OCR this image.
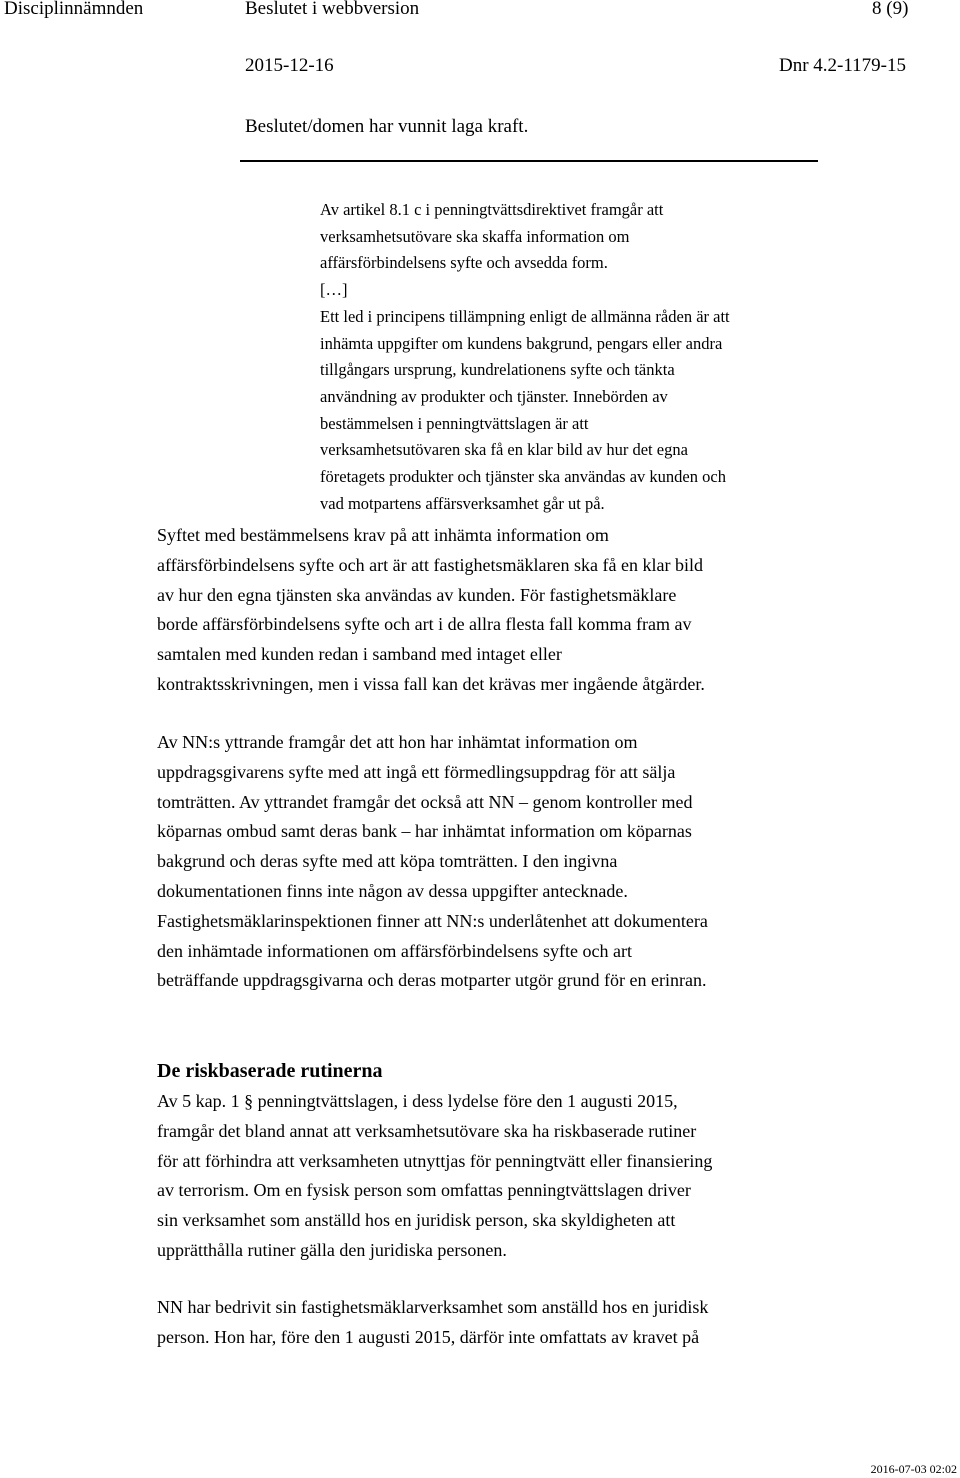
Disciplinnämnden	Beslutet i webbversion	8 (9)
2015-12-16	Dnr 4.2-1179-15
Beslutet/domen har vunnit laga kraft.

Av artikel 8.1 c i penningtvättsdirektivet framgår att

verksamhetsutövare ska skaffa information om

affärsförbindelsens syfte och avsedda form.

[…]

Ett led i principens tillämpning enligt de allmänna råden är att

inhämta uppgifter om kundens bakgrund, pengars eller andra

tillgångars ursprung, kundrelationens syfte och tänkta

användning av produkter och tjänster. Innebörden av

bestämmelsen i penningtvättslagen är att

verksamhetsutövaren ska få en klar bild av hur det egna

företagets produkter och tjänster ska användas av kunden och

vad motpartens affärsverksamhet går ut på.

Syftet med bestämmelsens krav på att inhämta information om

affärsförbindelsens syfte och art är att fastighetsmäklaren ska få en klar bild

av hur den egna tjänsten ska användas av kunden. För fastighetsmäklare

borde affärsförbindelsens syfte och art i de allra flesta fall komma fram av

samtalen med kunden redan i samband med intaget eller

kontraktsskrivningen, men i vissa fall kan det krävas mer ingående åtgärder.

Av NN:s yttrande framgår det att hon har inhämtat information om

uppdragsgivarens syfte med att ingå ett förmedlingsuppdrag för att sälja

tomträtten. Av yttrandet framgår det också att NN – genom kontroller med

köparnas ombud samt deras bank – har inhämtat information om köparnas

bakgrund och deras syfte med att köpa tomträtten. I den ingivna

dokumentationen finns inte någon av dessa uppgifter antecknade.

Fastighetsmäklarinspektionen finner att NN:s underlåtenhet att dokumentera

den inhämtade informationen om affärsförbindelsens syfte och art

beträffande uppdragsgivarna och deras motparter utgör grund för en erinran.

De riskbaserade rutinerna

Av 5 kap. 1 § penningtvättslagen, i dess lydelse före den 1 augusti 2015,

framgår det bland annat att verksamhetsutövare ska ha riskbaserade rutiner

för att förhindra att verksamheten utnyttjas för penningtvätt eller finansiering

av terrorism. Om en fysisk person som omfattas penningtvättslagen driver

sin verksamhet som anställd hos en juridisk person, ska skyldigheten att

upprätthålla rutiner gälla den juridiska personen.

NN har bedrivit sin fastighetsmäklarverksamhet som anställd hos en juridisk

person. Hon har, före den 1 augusti 2015, därför inte omfattats av kravet på

2016-07-03 02:02
